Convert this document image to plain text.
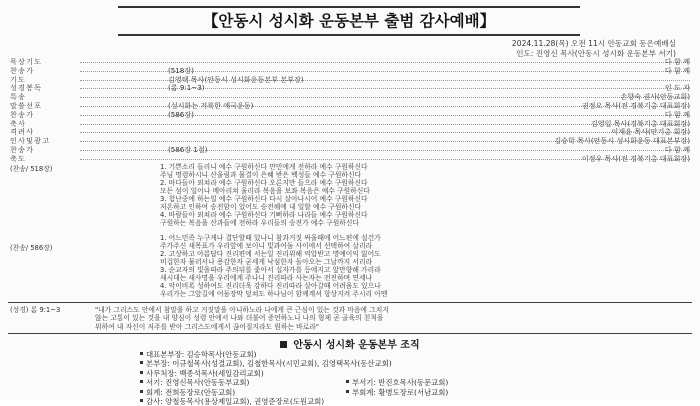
【안동시 성시화 운동본부 출범 감사예배】
2024.11.28(목) 오전 11시 안동교회 동은예배실
인도: 진영신 목사(안동시 성시화 운동본부 서기)
묵상기도	다 함 께
찬송가	(518장)	다 함 께
기도	김영택 목사(안동시 성시화운동본부 본부장)
성경봉독	(롬 9:1~3)	인 도 자
특송	손향숙 권사(안동교회)
말씀선포	(성시화는 거룩한 애국운동)	권정오 목사(전 경북기총 대표회장)
찬송가	(586장)	다 함 께
축사	김영일 목사(경북기총 대표회장)
격려사	이재윤 목사(안기총 회장)
인사및광고	김승학 목사(안동시 성시화운동 대표본부장)
찬송가	(586장 1절)	다 함 께
축도	이정우 목사(전 경북기총 대표회장)
(찬송/ 518장)	1. 기쁜소리 들리니 예수 구원하신다 만민에게 전하라 예수 구원하신다
주님 명령하시니 산울림과 물결이 은혜 받은 백성들 예수 구원하신다
2. 바다들아 외쳐라 예수 구원하신다 오른지만 들으라 예수 구원하신다
모든 섬이 일어나 메아리쳐 울리라 복음을 보좌 복음은 예수 구원하신다
3. 험난중에 하는일 예수 구원하신다 다시 살아나시어 예수 구원하신다
저온하고 인하여 승전함이 있어도 승전해에 내 일할 예수 구원하신다
4. 바람들아 외쳐라 예수 구원하신다 기뻐하라 나라들 예수 구원하신다
구원하는 복음을 산과들에 전하라 우리들의 승전가 예수 구원하신다
(찬송/ 586장)
1. 어느민족 누구게나 결단할때 있나니 참과거짓 싸울때에 어느편에 설건가
주가주신 새목표가 우리앞에 보이니 빛과어둠 사이에서 선택하여 살리라
2. 고상하고 아름답다 진리편에 서는일 진리위해 억압받고 명예이익 잃어도
비겁한자 물러서나 용감한자 굳세게 낙심한자 돌아오는 그날까지 서리라
3. 순교자의 빛을따라 주의뒤를 좇아서 십자가를 등에지고 앞만향해 가리라
새시대는 새사명을 우리에게 주나니 진리따라 사는자는 전진하며 연세나
4. 악이비록 성하여도 진리더욱 강하다 진리따라 살아갈때 어려움도 있으나
우리가는 그앞길에 어둠장막 덮쳐도 하나님이 함께계셔 항상지켜 주시리 아멘
(성경) 롬 9:1~3	"내가 그리스도 안에서 참말을 하고 거짓말을 아니하노라 나에게 큰 근심이 있는 것과 마음에 그치지
않는 고통이 있는 것을 내 양심이 성령 안에서 나와 더불어 증언하노니 나의 형제 곧 골육의 친척을
위하여 내 자신이 저주를 받아 그리스도에게서 끊어질지라도 원하는 바로라"
안동시 성시화 운동본부 조직
대표본부장: 김승학목사(안동교회)
본부장: 이규철목사(성결교회), 김철한목사(시민교회), 김영택목사(동산교회)
사무처장: 백종석목사(세일감리교회)
서기: 진영신목사(안동동부교회)	부서기: 반진호목사(동문교회)
회계: 전희동장로(안동교회)	부회계: 황병도장로(서남교회)
감사: 양철동목사(용상제일교회), 권영준장로(도원교회)
